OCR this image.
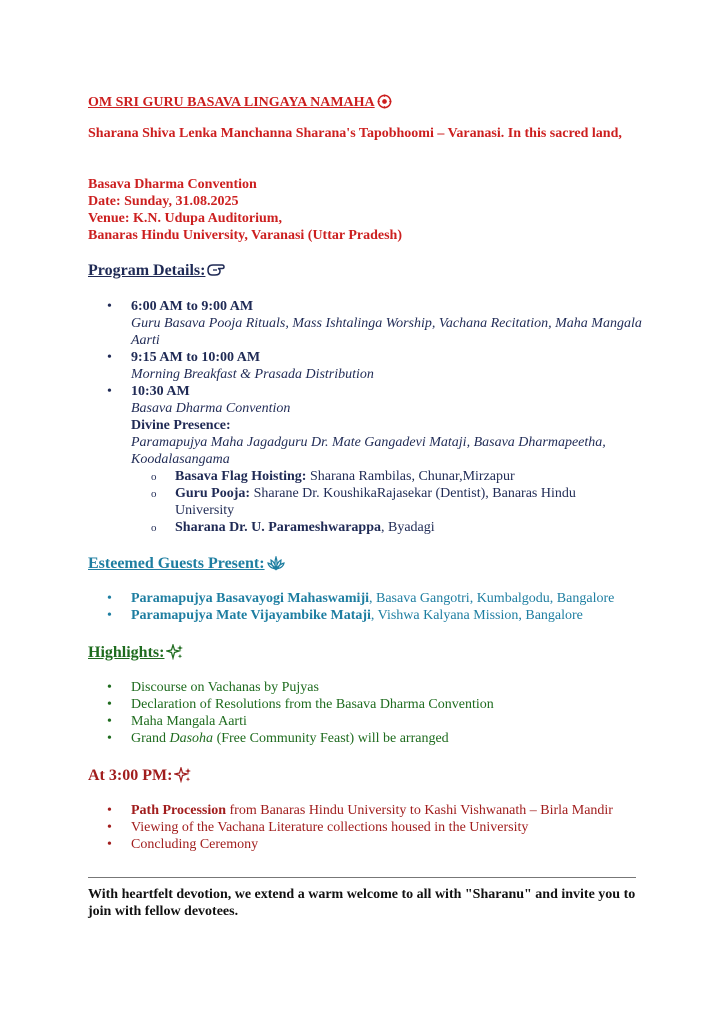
OM SRI GURU BASAVA LINGAYA NAMAHA
Sharana Shiva Lenka Manchanna Sharana's Tapobhoomi – Varanasi. In this sacred land,
Basava Dharma Convention
Date: Sunday, 31.08.2025
Venue: K.N. Udupa Auditorium,
Banaras Hindu University, Varanasi (Uttar Pradesh)
Program Details:
• 6:00 AM to 9:00 AM
Guru Basava Pooja Rituals, Mass Ishtalinga Worship, Vachana Recitation, Maha Mangala Aarti
• 9:15 AM to 10:00 AM
Morning Breakfast & Prasada Distribution
• 10:30 AM
Basava Dharma Convention
Divine Presence:
Paramapujya Maha Jagadguru Dr. Mate Gangadevi Mataji, Basava Dharmapeetha, Koodalasangama
o Basava Flag Hoisting: Sharana Rambilas, Chunar,Mirzapur
o Guru Pooja: Sharane Dr. KoushikaRajasekar (Dentist), Banaras Hindu University
o Sharana Dr. U. Parameshwarappa, Byadagi
Esteemed Guests Present:
• Paramapujya Basavayogi Mahaswamiji, Basava Gangotri, Kumbalgodu, Bangalore
• Paramapujya Mate Vijayambike Mataji, Vishwa Kalyana Mission, Bangalore
Highlights:
• Discourse on Vachanas by Pujyas
• Declaration of Resolutions from the Basava Dharma Convention
• Maha Mangala Aarti
• Grand Dasoha (Free Community Feast) will be arranged
At 3:00 PM:
• Path Procession from Banaras Hindu University to Kashi Vishwanath – Birla Mandir
• Viewing of the Vachana Literature collections housed in the University
• Concluding Ceremony
With heartfelt devotion, we extend a warm welcome to all with "Sharanu" and invite you to join with fellow devotees.
